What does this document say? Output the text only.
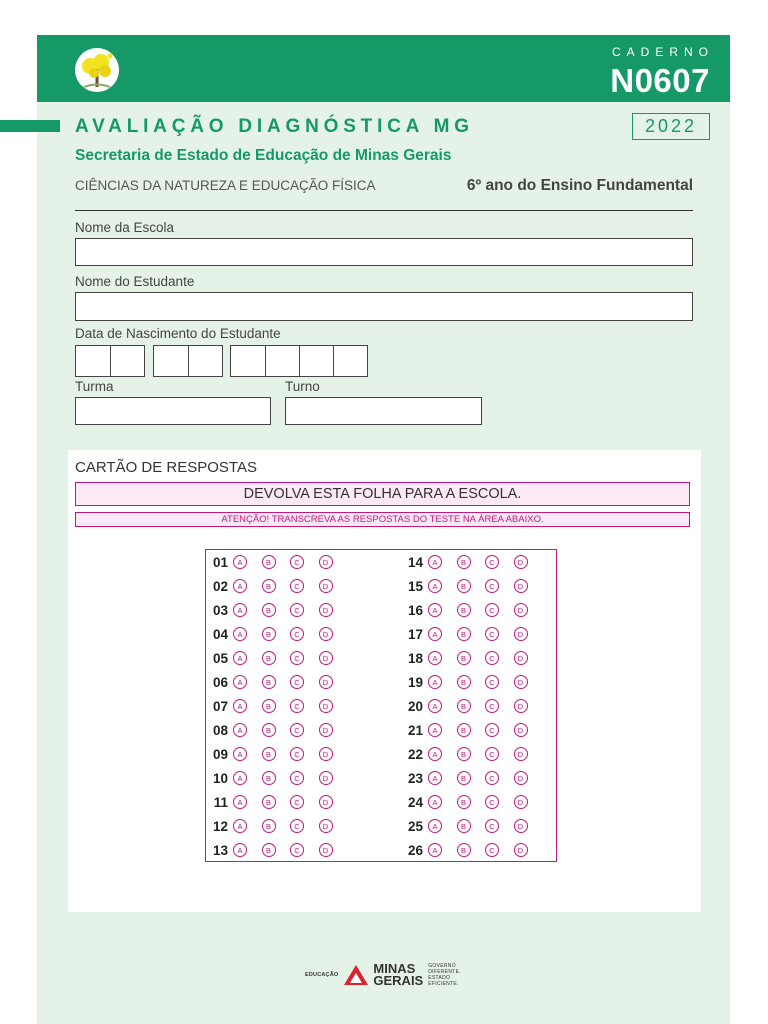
CADERNO
N0607
AVALIAÇÃO DIAGNÓSTICA MG	2022
Secretaria de Estado de Educação de Minas Gerais
CIÊNCIAS DA NATUREZA E EDUCAÇÃO FÍSICA	6º ano do Ensino Fundamental
Nome da Escola
Nome do Estudante
Data de Nascimento do Estudante
Turma	Turno
CARTÃO DE RESPOSTAS
DEVOLVA ESTA FOLHA PARA A ESCOLA.
ATENÇÃO! TRANSCREVA AS RESPOSTAS DO TESTE NA ÁREA ABAIXO.
01	A	B	C	D
02	A	B	C	D
03	A	B	C	D
04	A	B	C	D
05	A	B	C	D
06	A	B	C	D
07	A	B	C	D
08	A	B	C	D
09	A	B	C	D
10	A	B	C	D
11	A	B	C	D
12	A	B	C	D
13	A	B	C	D
14	A	B	C	D
15	A	B	C	D
16	A	B	C	D
17	A	B	C	D
18	A	B	C	D
19	A	B	C	D
20	A	B	C	D
21	A	B	C	D
22	A	B	C	D
23	A	B	C	D
24	A	B	C	D
25	A	B	C	D
26	A	B	C	D
EDUCAÇÃO	MINAS
GERAIS
GOVERNO
DIFERENTE.
ESTADO
EFICIENTE.
